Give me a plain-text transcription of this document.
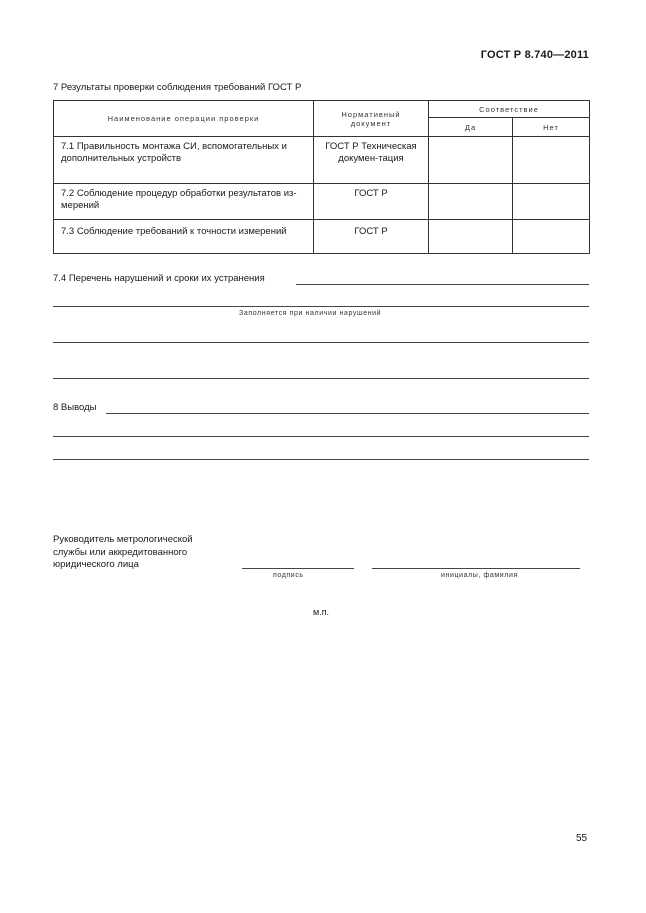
ГОСТ Р 8.740—2011
7 Результаты проверки соблюдения требований ГОСТ Р
Наименование операции проверки	Нормативный документ	Соответствие	
		Да	Нет

7.1 Правильность монтажа СИ, вспомогательных и дополнительных устройств	ГОСТ Р Техническая докумен-тация		

7.2 Соблюдение процедур обработки результатов из-мерений	ГОСТ Р		

7.3 Соблюдение требований к точности измерений	ГОСТ Р		

7.4 Перечень нарушений и сроки их устранения
Заполняется при наличии нарушений
8 Выводы
Руководитель метрологической службы или аккредитованного юридического лица
подпись	инициалы, фамилия
м.п.
55
